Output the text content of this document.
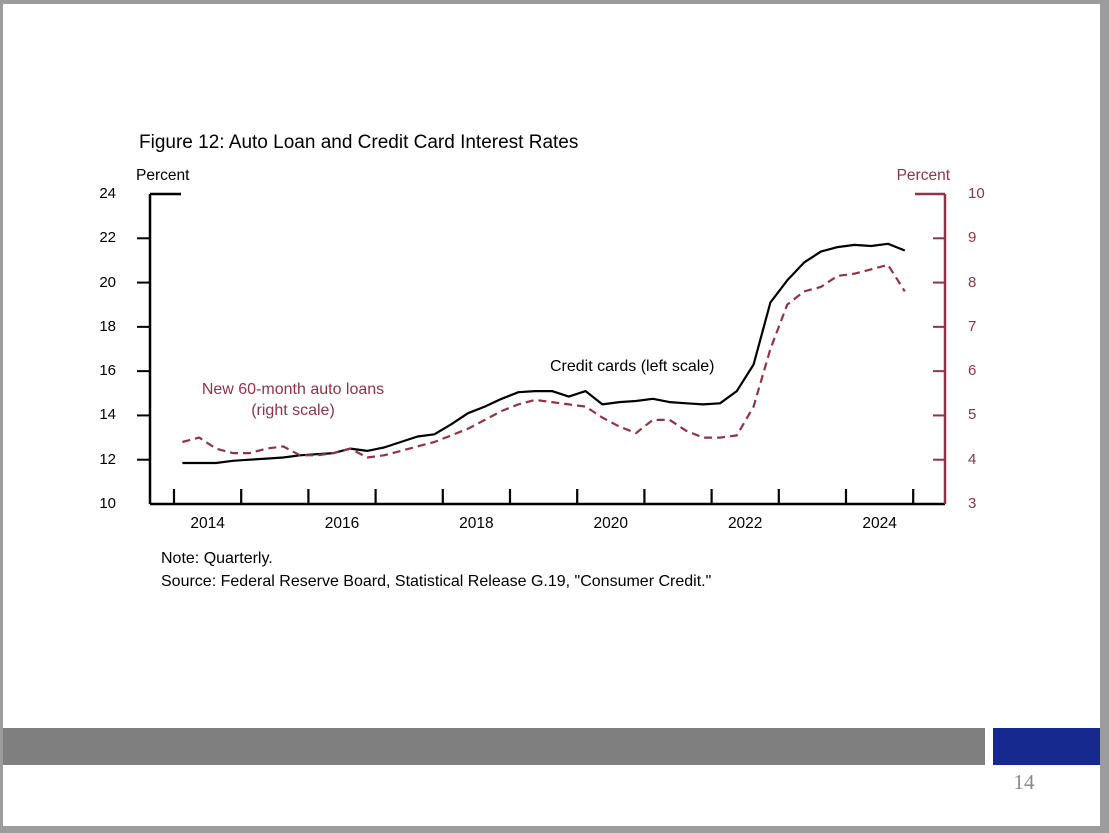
Figure 12: Auto Loan and Credit Card Interest Rates
Percent	Percent
10
12
14
16
18
20
22
24
3
4
5
6
7
8
9
10
2014	2016	2018	2020	2022	2024
New 60-month auto loans
(right scale)
Credit cards (left scale)
Note: Quarterly.
Source: Federal Reserve Board, Statistical Release G.19, "Consumer Credit."
14
